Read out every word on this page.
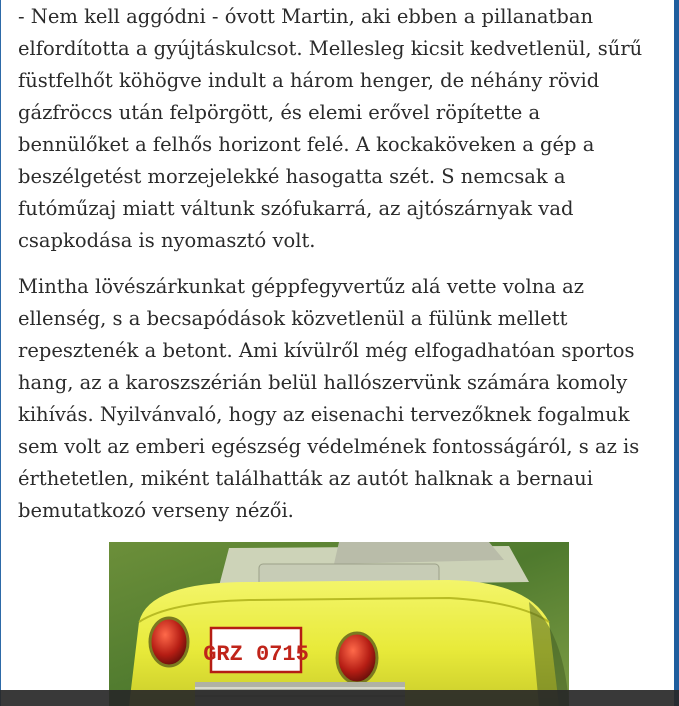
- Nem kell aggódni - óvott Martin, aki ebben a pillanatban
elfordította a gyújtáskulcsot. Mellesleg kicsit kedvetlenül, sűrű
füstfelhőt köhögve indult a három henger, de néhány rövid
gázfröccs után felpörgött, és elemi erővel röpítette a
bennülőket a felhős horizont felé. A kockaköveken a gép a
beszélgetést morzejelekké hasogatta szét. S nemcsak a
futóműzaj miatt váltunk szófukarrá, az ajtószárnyak vad
csapkodása is nyomasztó volt.

Mintha lövészárkunkat géppfegyvertűz alá vette volna az
ellenség, s a becsapódások közvetlenül a fülünk mellett
repesztenék a betont. Ami kívülről még elfogadhatóan sportos
hang, az a karoszszérián belül hallószervünk számára komoly
kihívás. Nyilvánvaló, hogy az eisenachi tervezőknek fogalmuk
sem volt az emberi egészség védelmének fontosságáról, s az is
érthetetlen, miként találhatták az autót halknak a bernaui
bemutatkozó verseny nézői.

GRZ 0715
